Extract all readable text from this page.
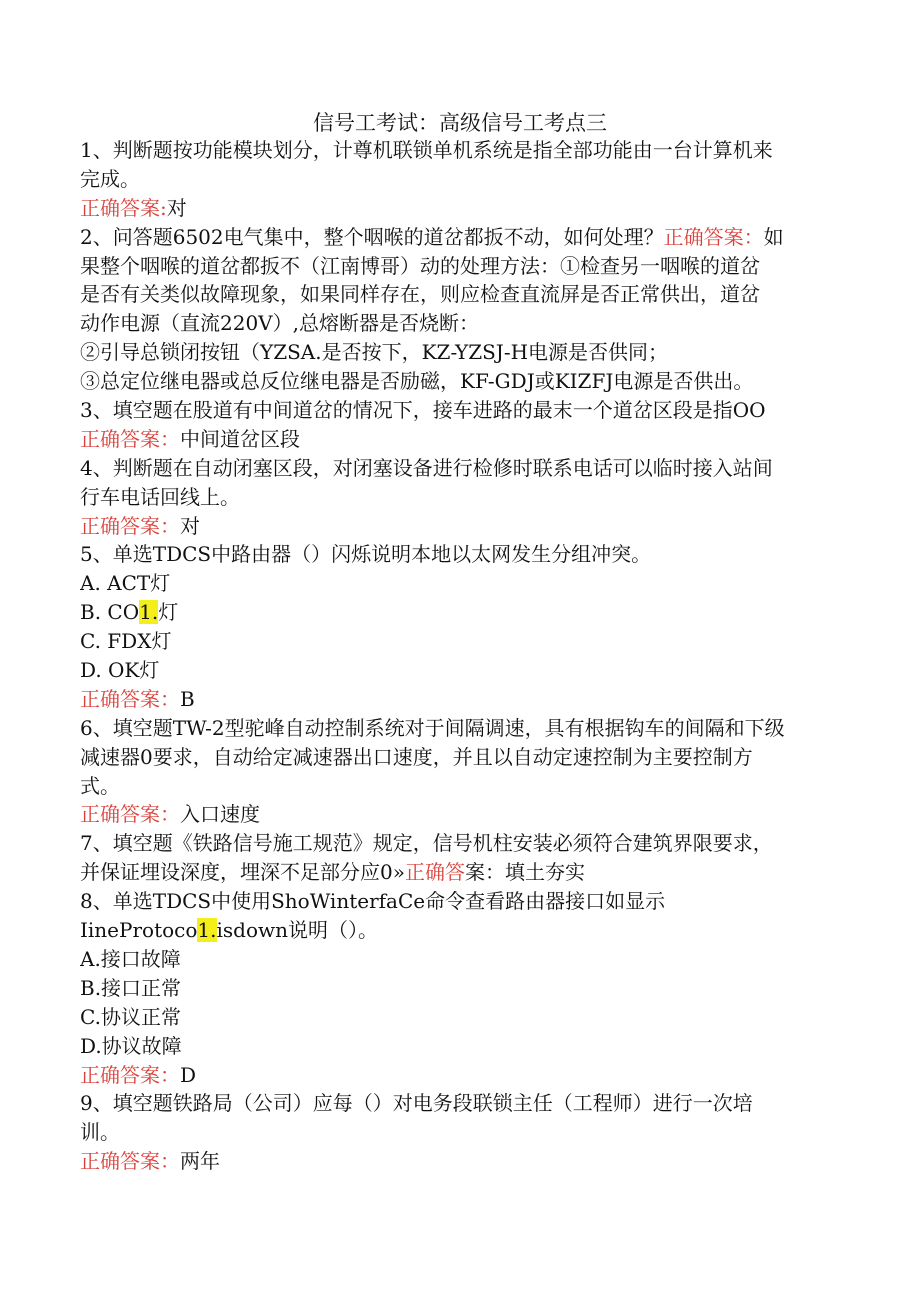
信号工考试：高级信号工考点三
1、判断题按功能模块划分，计尊机联锁单机系统是指全部功能由一台计算机来
完成。
正确答案:对
2、问答题6502电气集中，整个咽喉的道岔都扳不动，如何处理？正确答案：如
果整个咽喉的道岔都扳不（江南博哥）动的处理方法：①检查另一咽喉的道岔
是否有关类似故障现象，如果同样存在，则应检查直流屏是否正常供出，道岔
动作电源（直流220V）,总熔断器是否烧断：
②引导总锁闭按钮（YZSA.是否按下，KZ-YZSJ-H电源是否供同；
③总定位继电器或总反位继电器是否励磁，KF-GDJ或KIZFJ电源是否供出。
3、填空题在股道有中间道岔的情况下，接车进路的最末一个道岔区段是指OO
正确答案：中间道岔区段
4、判断题在自动闭塞区段，对闭塞设备进行检修时联系电话可以临时接入站间
行车电话回线上。
正确答案：对
5、单选TDCS中路由器（）闪烁说明本地以太网发生分组冲突。
A. ACT灯
B. CO1.灯
C. FDX灯
D. OK灯
正确答案：B
6、填空题TW-2型驼峰自动控制系统对于间隔调速，具有根据钩车的间隔和下级
减速器0要求，自动给定减速器出口速度，并且以自动定速控制为主要控制方
式。
正确答案：入口速度
7、填空题《铁路信号施工规范》规定，信号机柱安装必须符合建筑界限要求，
并保证埋设深度，埋深不足部分应0»正确答案：填土夯实
8、单选TDCS中使用ShoWinterfaCe命令查看路由器接口如显示
IineProtoco1.isdown说明（）。
A.接口故障
B.接口正常
C.协议正常
D.协议故障
正确答案：D
9、填空题铁路局（公司）应每（）对电务段联锁主任（工程师）进行一次培
训。
正确答案：两年
